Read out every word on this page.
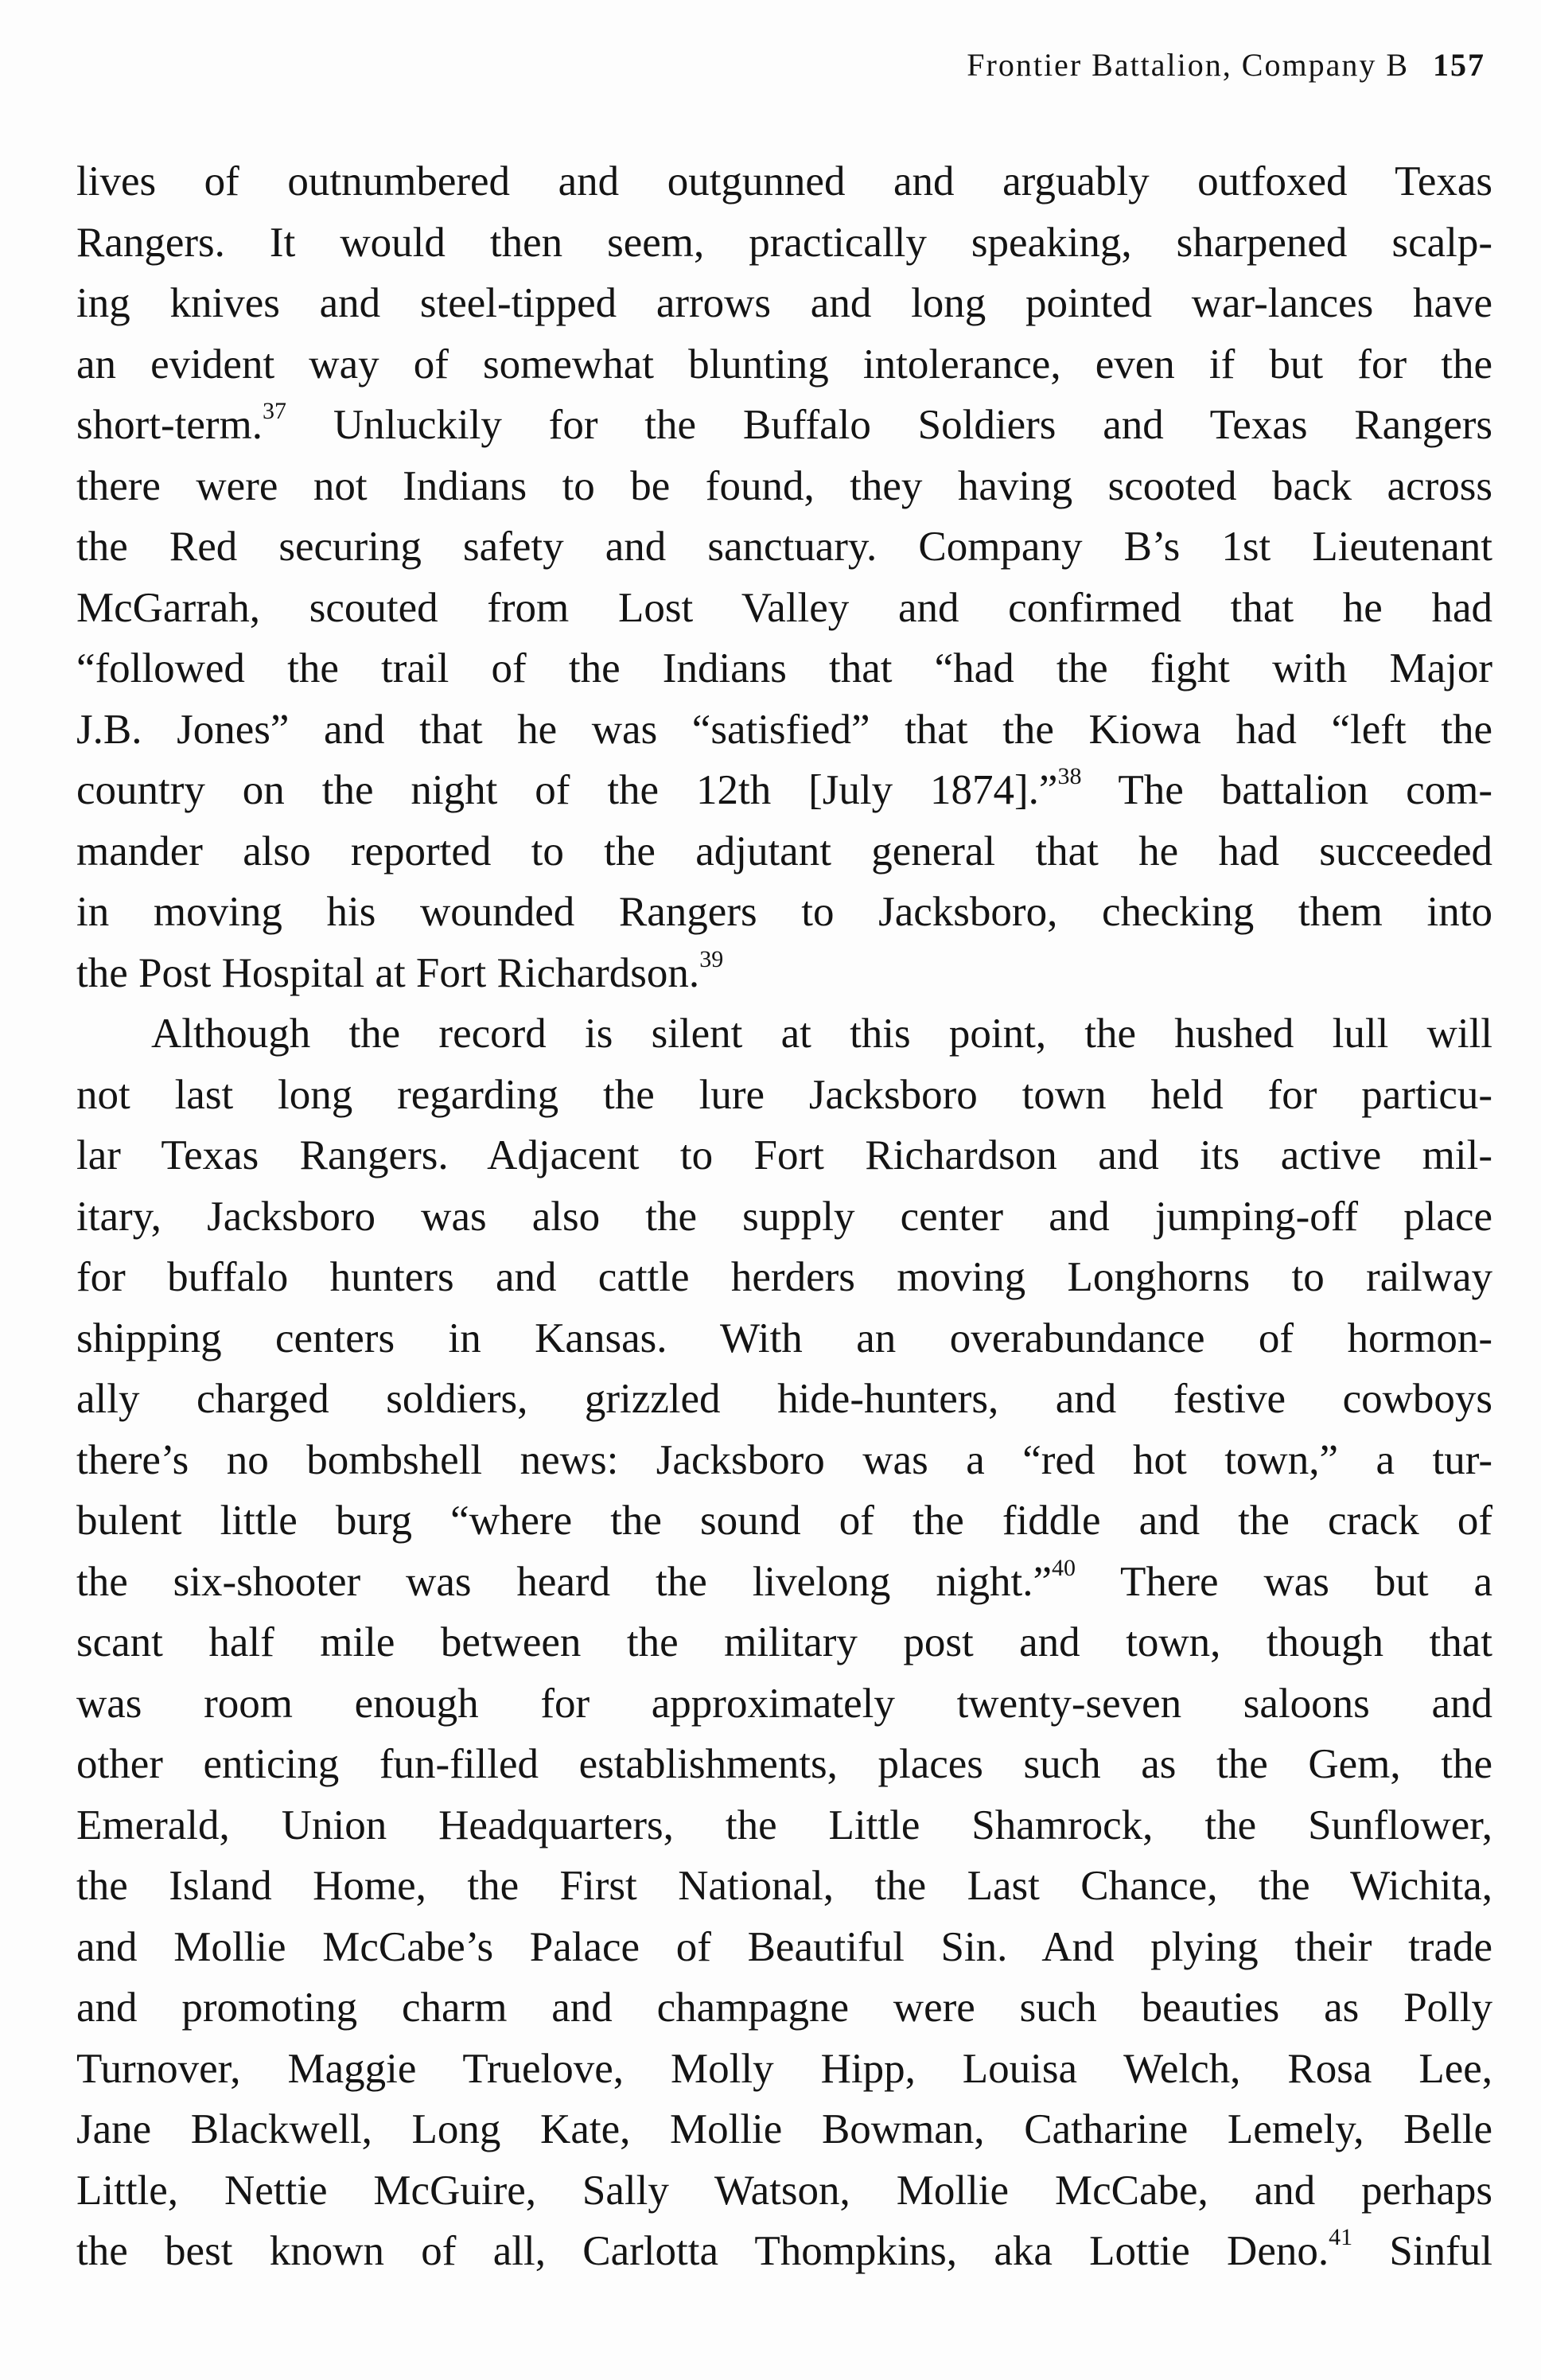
Frontier Battalion, Company B 157
lives of outnumbered and outgunned and arguably outfoxed Texas
Rangers. It would then seem, practically speaking, sharpened scalp-
ing knives and steel-tipped arrows and long pointed war-lances have
an evident way of somewhat blunting intolerance, even if but for the
short-term.$^{37}$ Unluckily for the Buffalo Soldiers and Texas Rangers
there were not Indians to be found, they having scooted back across
the Red securing safety and sanctuary. Company B’s 1st Lieutenant
McGarrah, scouted from Lost Valley and confirmed that he had
“followed the trail of the Indians that “had the fight with Major
J.B. Jones” and that he was “satisfied” that the Kiowa had “left the
country on the night of the 12th [July 1874].”$^{38}$ The battalion com-
mander also reported to the adjutant general that he had succeeded
in moving his wounded Rangers to Jacksboro, checking them into
the Post Hospital at Fort Richardson.$^{39}$
Although the record is silent at this point, the hushed lull will
not last long regarding the lure Jacksboro town held for particu-
lar Texas Rangers. Adjacent to Fort Richardson and its active mil-
itary, Jacksboro was also the supply center and jumping-off place
for buffalo hunters and cattle herders moving Longhorns to railway
shipping centers in Kansas. With an overabundance of hormon-
ally charged soldiers, grizzled hide-hunters, and festive cowboys
there’s no bombshell news: Jacksboro was a “red hot town,” a tur-
bulent little burg “where the sound of the fiddle and the crack of
the six-shooter was heard the livelong night.”$^{40}$ There was but a
scant half mile between the military post and town, though that
was room enough for approximately twenty-seven saloons and
other enticing fun-filled establishments, places such as the Gem, the
Emerald, Union Headquarters, the Little Shamrock, the Sunflower,
the Island Home, the First National, the Last Chance, the Wichita,
and Mollie McCabe’s Palace of Beautiful Sin. And plying their trade
and promoting charm and champagne were such beauties as Polly
Turnover, Maggie Truelove, Molly Hipp, Louisa Welch, Rosa Lee,
Jane Blackwell, Long Kate, Mollie Bowman, Catharine Lemely, Belle
Little, Nettie McGuire, Sally Watson, Mollie McCabe, and perhaps
the best known of all, Carlotta Thompkins, aka Lottie Deno.$^{41}$ Sinful
